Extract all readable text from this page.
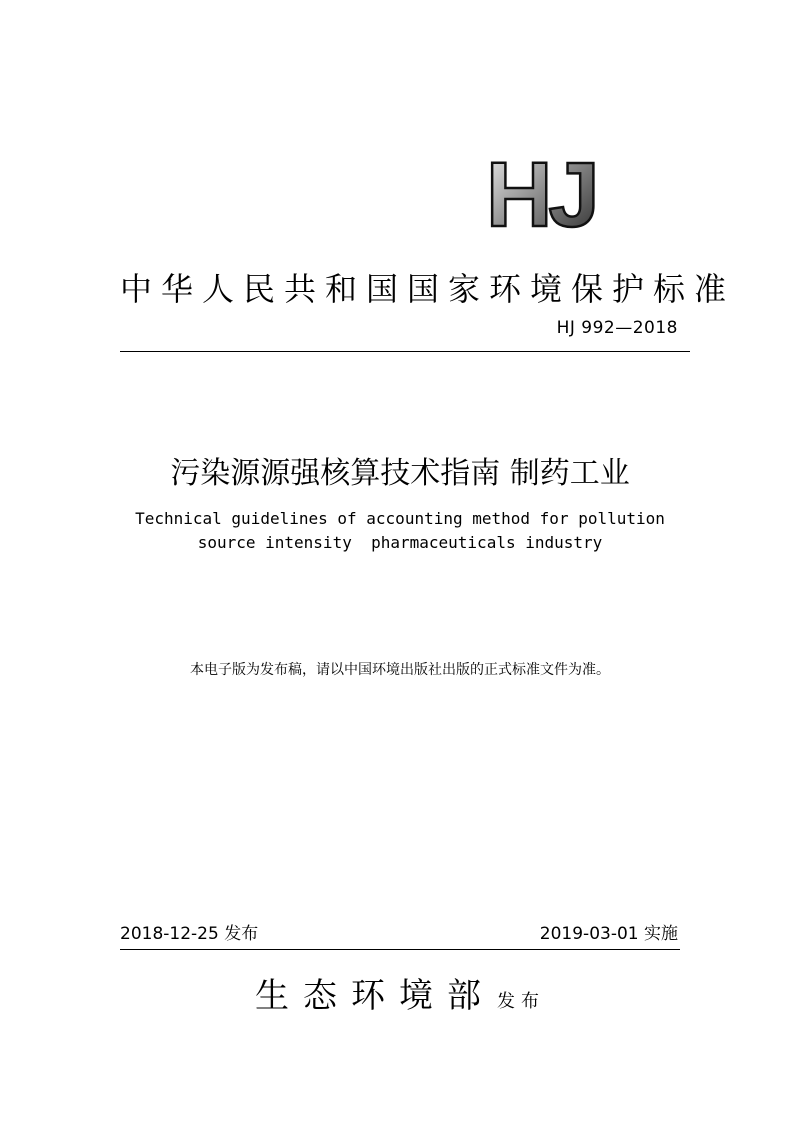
HJ
中华人民共和国国家环境保护标准
HJ 992—2018
污染源源强核算技术指南 制药工业
Technical guidelines of accounting method for pollution
source intensity  pharmaceuticals industry
本电子版为发布稿，请以中国环境出版社出版的正式标准文件为准。
2018-12-25 发布	2019-03-01 实施
生态环境部 发布
